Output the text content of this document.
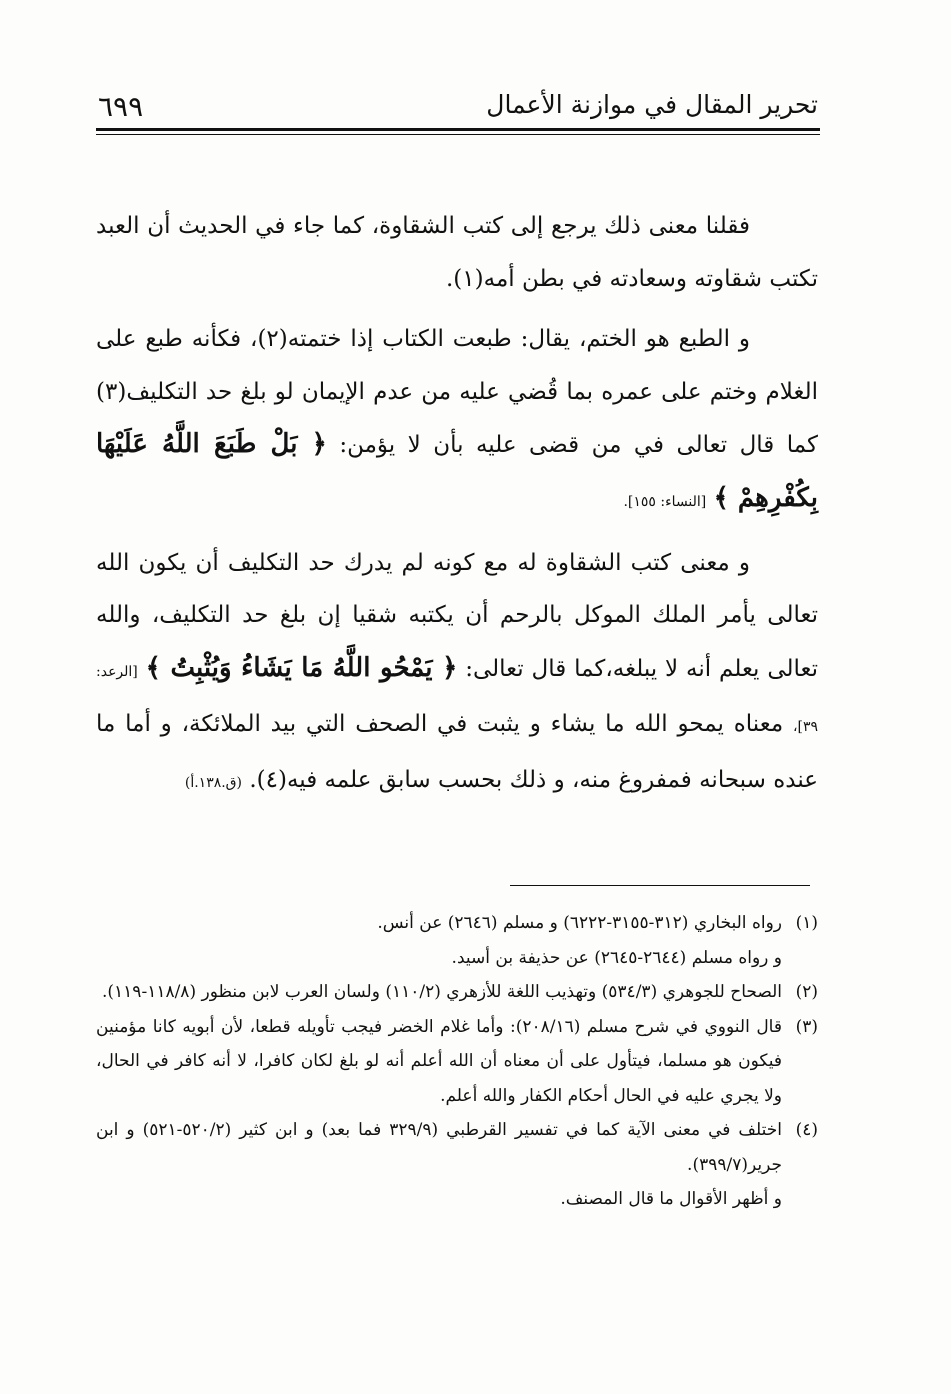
٦٩٩	تحرير المقال في موازنة الأعمال

فقلنا معنى ذلك يرجع إلى كتب الشقاوة، كما جاء في الحديث أن العبد تكتب شقاوته وسعادته في بطن أمه(١).

و الطبع هو الختم، يقال: طبعت الكتاب إذا ختمته(٢)، فكأنه طبع على الغلام وختم على عمره بما قُضي عليه من عدم الإيمان لو بلغ حد التكليف(٣) كما قال تعالى في من قضى عليه بأن لا يؤمن: ﴿ بَلْ طَبَعَ اللَّهُ عَلَيْهَا بِكُفْرِهِمْ ﴾ [النساء: ١٥٥].

و معنى كتب الشقاوة له مع كونه لم يدرك حد التكليف أن يكون الله تعالى يأمر الملك الموكل بالرحم أن يكتبه شقيا إن بلغ حد التكليف، والله تعالى يعلم أنه لا يبلغه،كما قال تعالى: ﴿ يَمْحُو اللَّهُ مَا يَشَاءُ وَيُثْبِتُ ﴾ [الرعد: ٣٩]، معناه يمحو الله ما يشاء و يثبت في الصحف التي بيد الملائكة، و أما ما عنده سبحانه فمفروغ منه، و ذلك بحسب سابق علمه فيه(٤). (ق.١٣٨.أ)

(١)
رواه البخاري (٣١٢-٣١٥٥-٦٢٢٢) و مسلم (٢٦٤٦) عن أنس.

و رواه مسلم (٢٦٤٤-٢٦٤٥) عن حذيفة بن أسيد.

(٢)
الصحاح للجوهري (٥٣٤/٣) وتهذيب اللغة للأزهري (١١٠/٢) ولسان العرب لابن منظور (١١٨/٨-١١٩).

(٣)
قال النووي في شرح مسلم (٢٠٨/١٦): وأما غلام الخضر فيجب تأويله قطعا، لأن أبويه كانا مؤمنين فيكون هو مسلما، فيتأول على أن معناه أن الله أعلم أنه لو بلغ لكان كافرا، لا أنه كافر في الحال، ولا يجري عليه في الحال أحكام الكفار والله أعلم.

(٤)
اختلف في معنى الآية كما في تفسير القرطبي (٣٢٩/٩ فما بعد) و ابن كثير (٥٢٠/٢-٥٢١) و ابن جرير(٣٩٩/٧).

و أظهر الأقوال ما قال المصنف.
